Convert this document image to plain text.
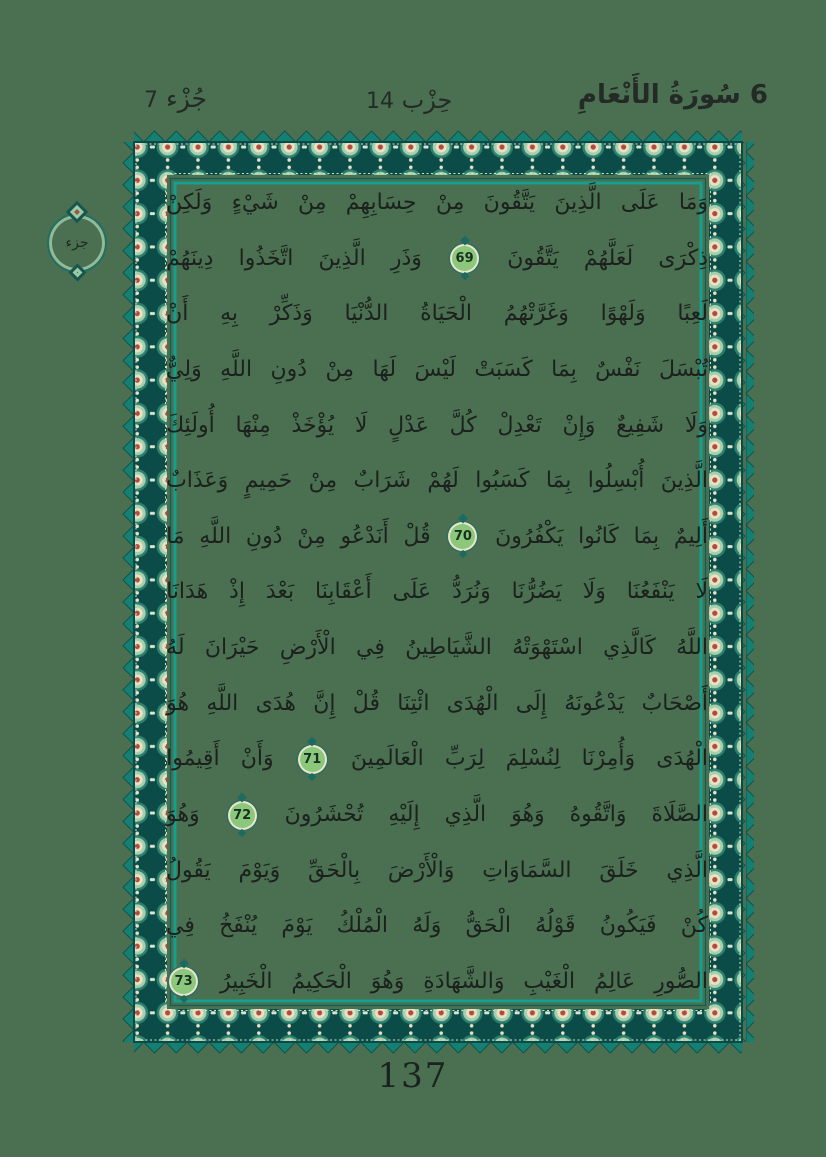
جُزْء 7	حِزْب 14	6 سُورَةُ الأَنْعَامِ
جزء
وَمَا
عَلَى
الَّذِينَ
يَتَّقُونَ
مِنْ
حِسَابِهِمْ
مِنْ
شَيْءٍ
وَلَكِنْ
ذِكْرَى
لَعَلَّهُمْ
يَتَّقُونَ
69
وَذَرِ
الَّذِينَ
اتَّخَذُوا
دِينَهُمْ
لَعِبًا
وَلَهْوًا
وَغَرَّتْهُمُ
الْحَيَاةُ
الدُّنْيَا
وَذَكِّرْ
بِهِ
أَنْ
تُبْسَلَ
نَفْسٌ
بِمَا
كَسَبَتْ
لَيْسَ
لَهَا
مِنْ
دُونِ
اللَّهِ
وَلِيٌّ
وَلَا
شَفِيعٌ
وَإِنْ
تَعْدِلْ
كُلَّ
عَدْلٍ
لَا
يُؤْخَذْ
مِنْهَا
أُولَئِكَ
الَّذِينَ
أُبْسِلُوا
بِمَا
كَسَبُوا
لَهُمْ
شَرَابٌ
مِنْ
حَمِيمٍ
وَعَذَابٌ
أَلِيمٌ
بِمَا
كَانُوا
يَكْفُرُونَ
70
قُلْ
أَنَدْعُو
مِنْ
دُونِ
اللَّهِ
مَا
لَا
يَنْفَعُنَا
وَلَا
يَضُرُّنَا
وَنُرَدُّ
عَلَى
أَعْقَابِنَا
بَعْدَ
إِذْ
هَدَانَا
اللَّهُ
كَالَّذِي
اسْتَهْوَتْهُ
الشَّيَاطِينُ
فِي
الْأَرْضِ
حَيْرَانَ
لَهُ
أَصْحَابٌ
يَدْعُونَهُ
إِلَى
الْهُدَى
ائْتِنَا
قُلْ
إِنَّ
هُدَى
اللَّهِ
هُوَ
الْهُدَى
وَأُمِرْنَا
لِنُسْلِمَ
لِرَبِّ
الْعَالَمِينَ
71
وَأَنْ
أَقِيمُوا
الصَّلَاةَ
وَاتَّقُوهُ
وَهُوَ
الَّذِي
إِلَيْهِ
تُحْشَرُونَ
72
وَهُوَ
الَّذِي
خَلَقَ
السَّمَاوَاتِ
وَالْأَرْضَ
بِالْحَقِّ
وَيَوْمَ
يَقُولُ
كُنْ
فَيَكُونُ
قَوْلُهُ
الْحَقُّ
وَلَهُ
الْمُلْكُ
يَوْمَ
يُنْفَخُ
فِي
الصُّورِ
عَالِمُ
الْغَيْبِ
وَالشَّهَادَةِ
وَهُوَ
الْحَكِيمُ
الْخَبِيرُ
73
137
